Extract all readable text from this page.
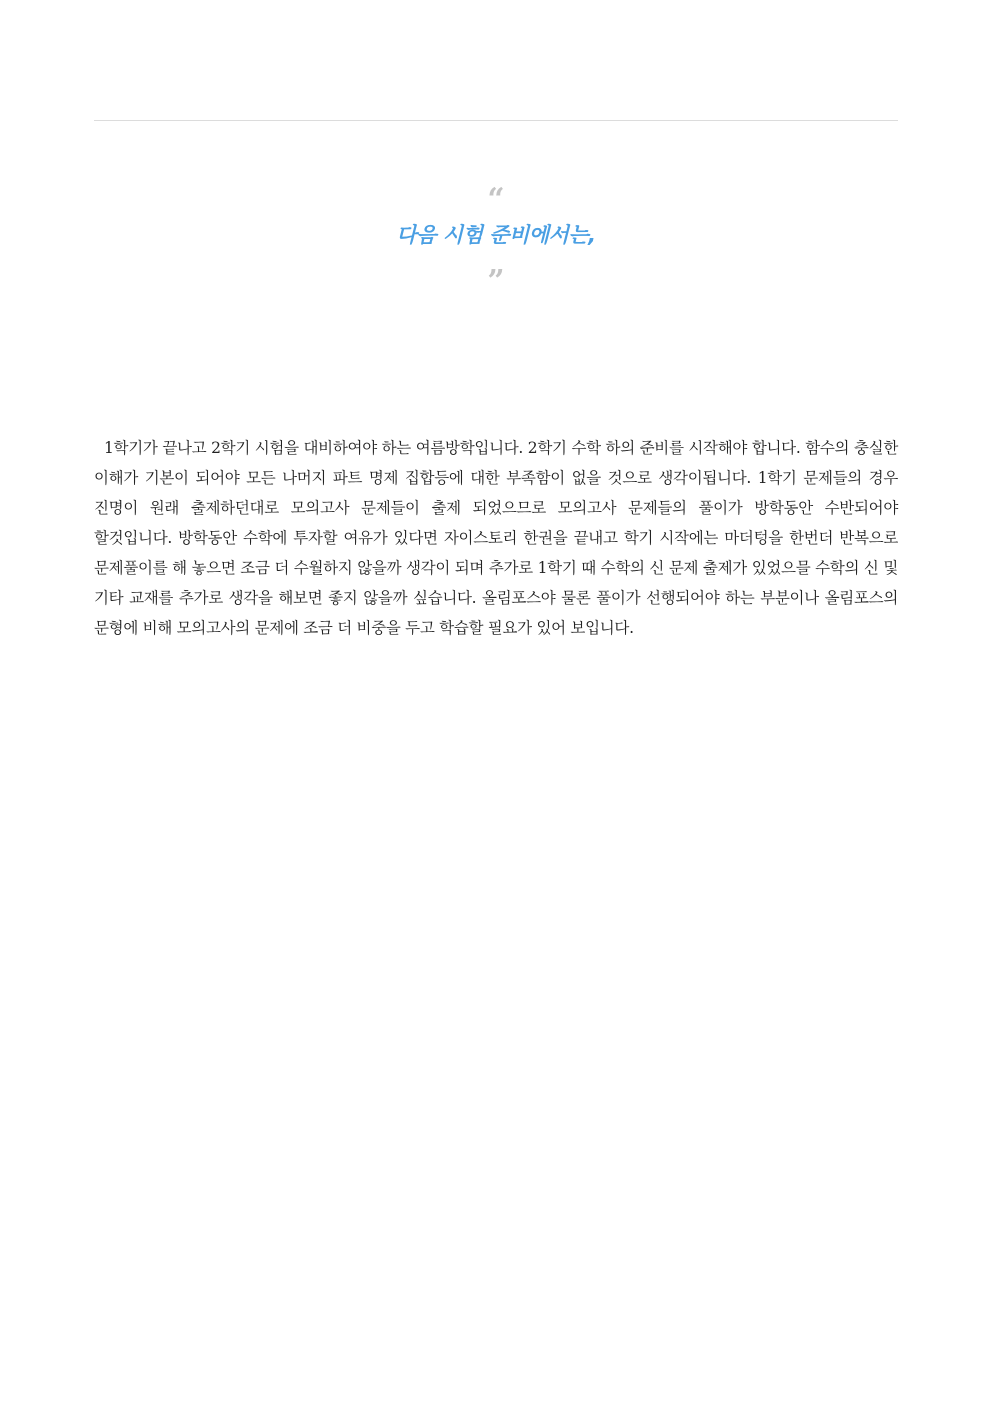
“
다음 시험 준비에서는,
”

1학기가 끝나고 2학기 시험을 대비하여야 하는 여름방학입니다. 2학기 수학 하의 준비를 시작해야 합니다. 함수의 충실한 이해가 기본이 되어야 모든 나머지 파트 명제 집합등에 대한 부족함이 없을 것으로 생각이됩니다. 1학기 문제들의 경우 진명이 원래 출제하던대로 모의고사 문제들이 출제 되었으므로 모의고사 문제들의 풀이가 방학동안 수반되어야 할것입니다. 방학동안 수학에 투자할 여유가 있다면 자이스토리 한권을 끝내고 학기 시작에는 마더텅을 한번더 반복으로 문제풀이를 해 놓으면 조금 더 수월하지 않을까 생각이 되며 추가로 1학기 때 수학의 신 문제 출제가 있었으믈 수학의 신 및 기타 교재를 추가로 생각을 해보면 좋지 않을까 싶습니다. 올림포스야 물론 풀이가 선행되어야 하는 부분이나 올림포스의 문형에 비해 모의고사의 문제에 조금 더 비중을 두고 학습할 필요가 있어 보입니다.
